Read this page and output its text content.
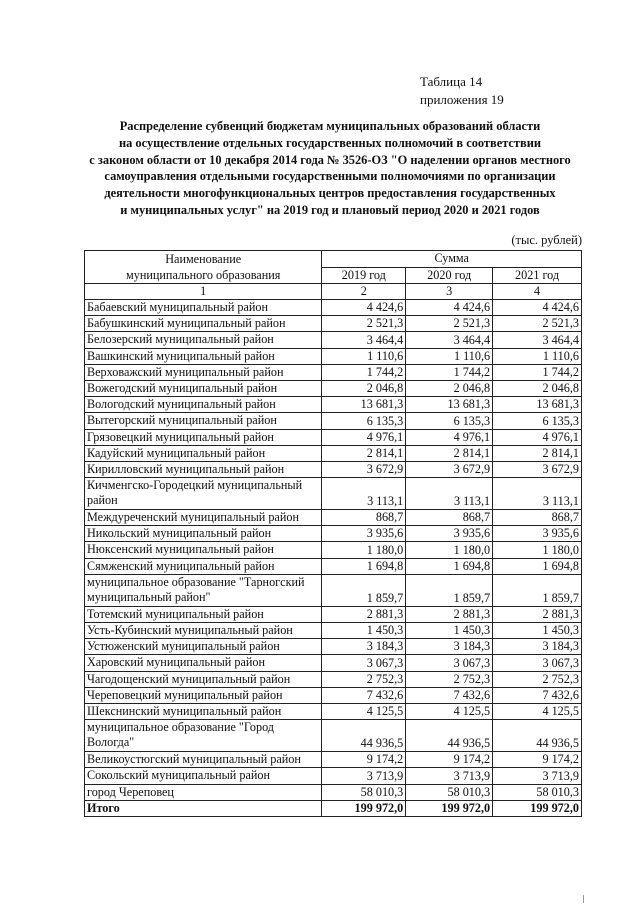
Таблица 14
приложения 19
Распределение субвенций бюджетам муниципальных образований области
на осуществление отдельных государственных полномочий в соответствии
с законом области от 10 декабря 2014 года № 3526-ОЗ "О наделении органов местного
самоуправления отдельными государственными полномочиями по организации
деятельности многофункциональных центров предоставления государственных
и муниципальных услуг" на 2019 год и плановый период 2020 и 2021 годов
(тыс. рублей)
Наименование
муниципального образования	Сумма		
	2019 год	2020 год	2021 год
1	2	3	4
Бабаевский муниципальный район	4 424,6	4 424,6	4 424,6
Бабушкинский муниципальный район	2 521,3	2 521,3	2 521,3
Белозерский муниципальный район	3 464,4	3 464,4	3 464,4
Вашкинский муниципальный район	1 110,6	1 110,6	1 110,6
Верховажский муниципальный район	1 744,2	1 744,2	1 744,2
Вожегодский муниципальный район	2 046,8	2 046,8	2 046,8
Вологодский муниципальный район	13 681,3	13 681,3	13 681,3
Вытегорский муниципальный район	6 135,3	6 135,3	6 135,3
Грязовецкий муниципальный район	4 976,1	4 976,1	4 976,1
Кадуйский муниципальный район	2 814,1	2 814,1	2 814,1
Кирилловский муниципальный район	3 672,9	3 672,9	3 672,9
Кичменгско-Городецкий муниципальный район	3 113,1	3 113,1	3 113,1
Междуреченский муниципальный район	868,7	868,7	868,7
Никольский муниципальный район	3 935,6	3 935,6	3 935,6
Нюксенский муниципальный район	1 180,0	1 180,0	1 180,0
Сямженский муниципальный район	1 694,8	1 694,8	1 694,8
муниципальное образование "Тарногский муниципальный район"	1 859,7	1 859,7	1 859,7
Тотемский муниципальный район	2 881,3	2 881,3	2 881,3
Усть-Кубинский муниципальный район	1 450,3	1 450,3	1 450,3
Устюженский муниципальный район	3 184,3	3 184,3	3 184,3
Харовский муниципальный район	3 067,3	3 067,3	3 067,3
Чагодощенский муниципальный район	2 752,3	2 752,3	2 752,3
Череповецкий муниципальный район	7 432,6	7 432,6	7 432,6
Шекснинский муниципальный район	4 125,5	4 125,5	4 125,5
муниципальное образование "Город Вологда"	44 936,5	44 936,5	44 936,5
Великоустюгский муниципальный район	9 174,2	9 174,2	9 174,2
Сокольский муниципальный район	3 713,9	3 713,9	3 713,9
город Череповец	58 010,3	58 010,3	58 010,3
Итого	199 972,0	199 972,0	199 972,0
